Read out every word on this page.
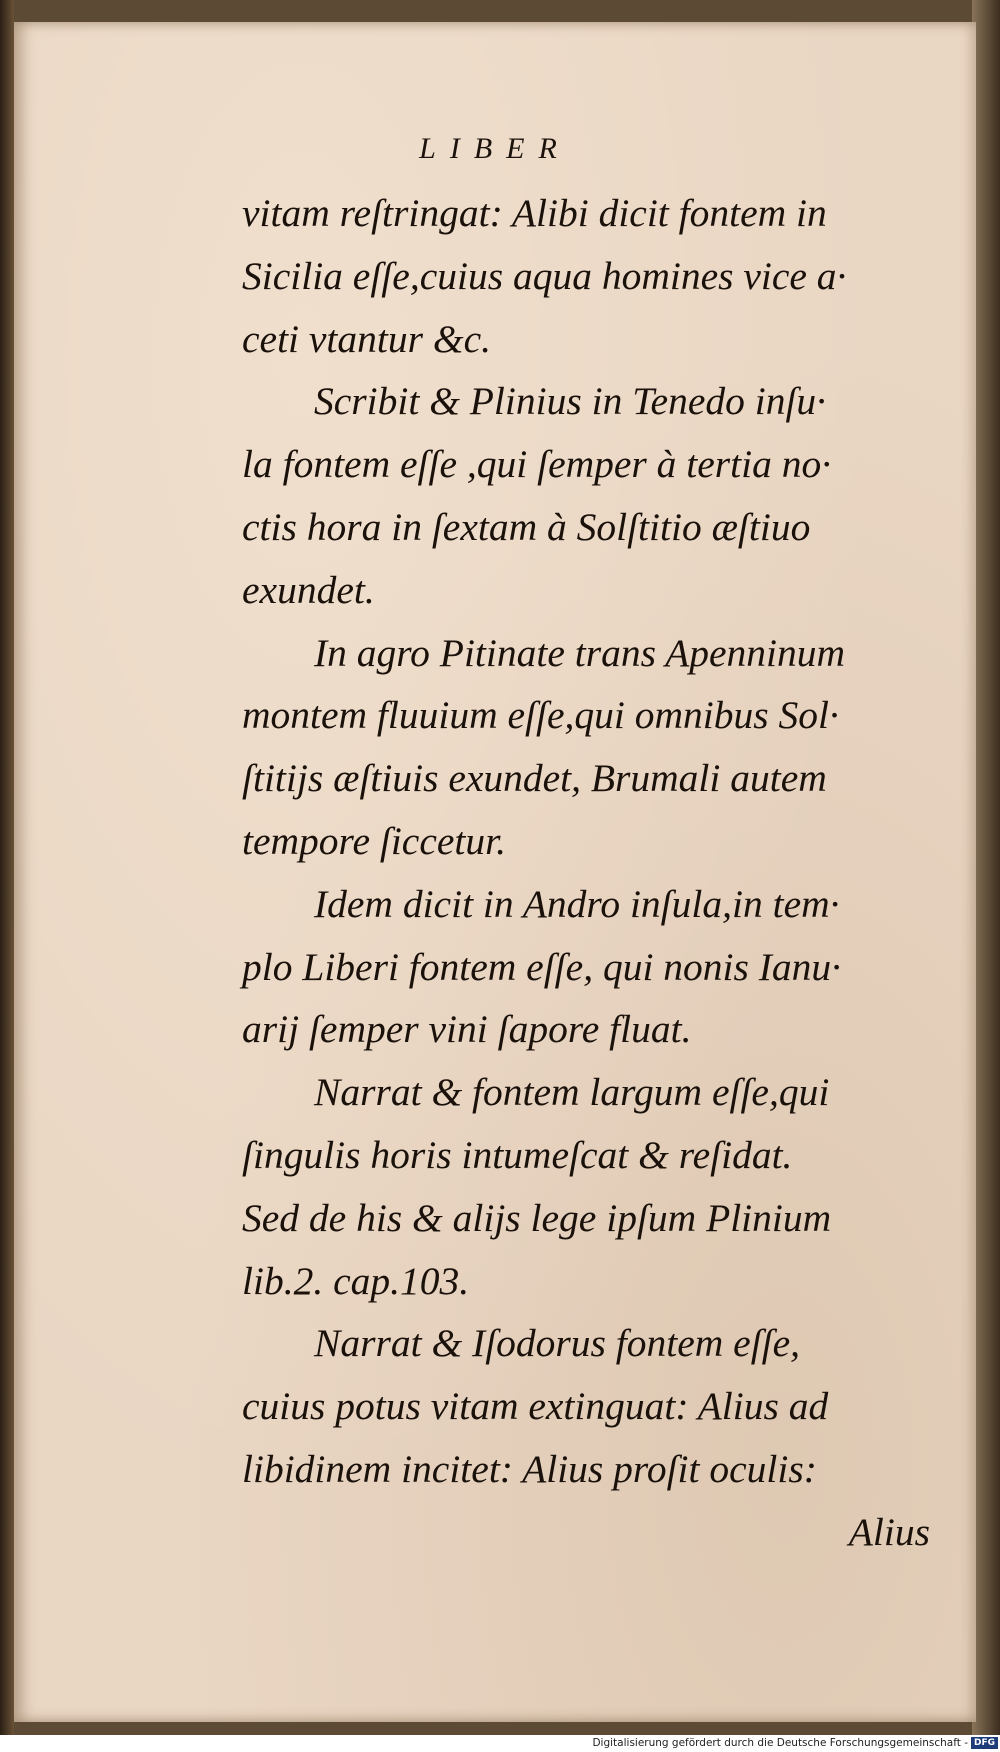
LIBER
vitam reſtringat: Alibi dicit fontem in
Sicilia eſſe,cuius aqua homines vice a·
ceti vtantur &c.
Scribit & Plinius in Tenedo inſu·
la fontem eſſe ,qui ſemper à tertia no·
ctis hora in ſextam à Solſtitio æſtiuo
exundet.
In agro Pitinate trans Apenninum
montem fluuium eſſe,qui omnibus Sol·
ſtitijs æſtiuis exundet, Brumali autem
tempore ſiccetur.
Idem dicit in Andro inſula,in tem·
plo Liberi fontem eſſe, qui nonis Ianu·
arij ſemper vini ſapore fluat.
Narrat & fontem largum eſſe,qui
ſingulis horis intumeſcat & reſidat.
Sed de his & alijs lege ipſum Plinium
lib.2. cap.103.
Narrat & Iſodorus fontem eſſe,
cuius potus vitam extinguat: Alius ad
libidinem incitet: Alius proſit oculis:
Alius
Digitalisierung gefördert durch die Deutsche Forschungsgemeinschaft - DFG
